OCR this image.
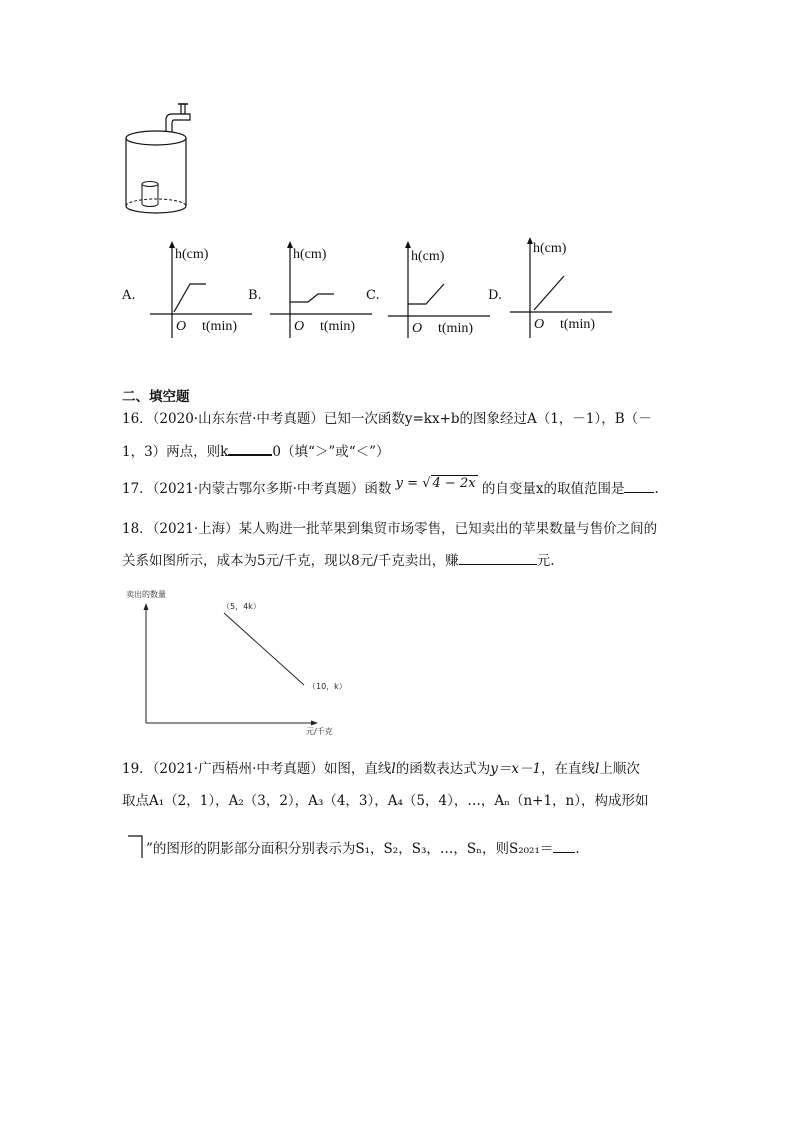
A.	B.	C.	D.
h(cm)
O t(min)
h(cm)
O t(min)
h(cm)
O t(min)
h(cm)
O t(min)
二、填空题
16．（2020·山东东营·中考真题）已知一次函数y=kx+b的图象经过A（1，－1），B（－
1，3）两点，则k	0（填“＞”或“＜”）
17．（2021·内蒙古鄂尔多斯·中考真题）函数 y = √ 4 − 2x 的自变量x的取值范围是 .
18．（2021·上海）某人购进一批苹果到集贸市场零售，已知卖出的苹果数量与售价之间的
关系如图所示，成本为5元/千克，现以8元/千克卖出，赚	元.
卖出的数量
元/千克
（5，4k）
（10，k）
19．（2021·广西梧州·中考真题）如图，直线l的函数表达式为y＝x－1，在直线l上顺次
取点A₁（2，1），A₂（3，2），A₃（4，3），A₄（5，4），…，Aₙ（n+1，n），构成形如
”的图形的阴影部分面积分别表示为S₁，S₂，S₃，…，Sₙ，则S₂₀₂₁＝ .
